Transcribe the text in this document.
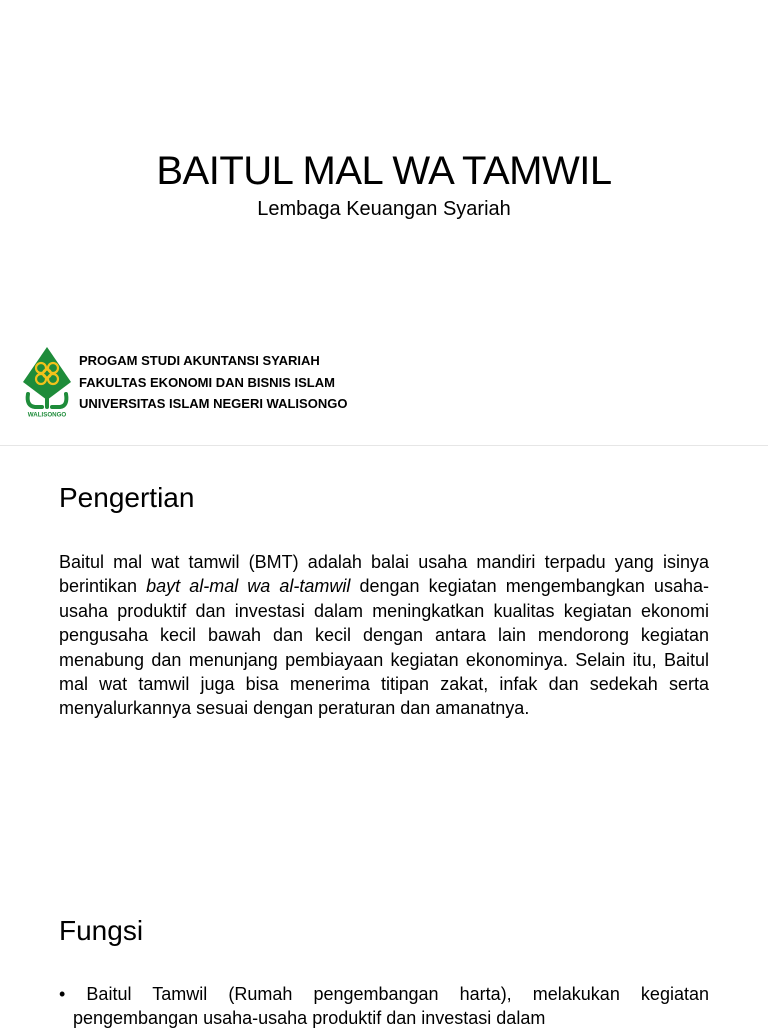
BAITUL MAL WA TAMWIL
Lembaga Keuangan Syariah
WALISONGO
PROGAM STUDI AKUNTANSI SYARIAH
FAKULTAS EKONOMI DAN BISNIS ISLAM
UNIVERSITAS ISLAM NEGERI WALISONGO
Pengertian
Baitul mal wat tamwil (BMT) adalah balai usaha mandiri terpadu yang isinya berintikan bayt al-mal wa al-tamwil dengan kegiatan mengembangkan usaha-usaha produktif dan investasi dalam meningkatkan kualitas kegiatan ekonomi pengusaha kecil bawah dan kecil dengan antara lain mendorong kegiatan menabung dan menunjang pembiayaan kegiatan ekonominya. Selain itu, Baitul mal wat tamwil juga bisa menerima titipan zakat, infak dan sedekah serta menyalurkannya sesuai dengan peraturan dan amanatnya.
Fungsi
• Baitul Tamwil (Rumah pengembangan harta), melakukan kegiatan pengembangan usaha-usaha produktif dan investasi dalam
